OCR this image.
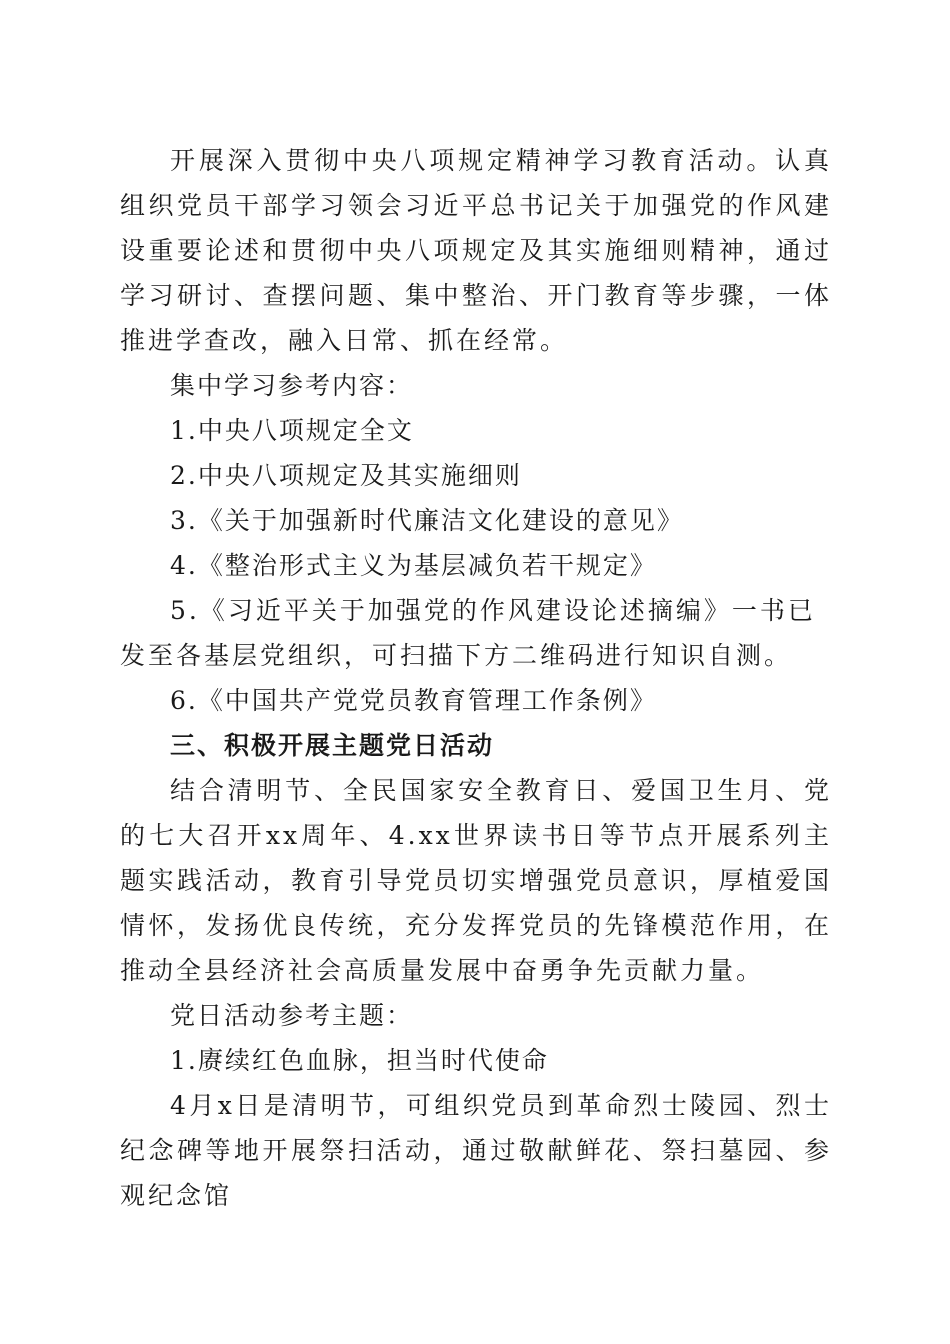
开展深入贯彻中央八项规定精神学习教育活动。认真组织党员干部学习领会习近平总书记关于加强党的作风建设重要论述和贯彻中央八项规定及其实施细则精神，通过学习研讨、查摆问题、集中整治、开门教育等步骤，一体推进学查改，融入日常、抓在经常。

集中学习参考内容：

1.中央八项规定全文

2.中央八项规定及其实施细则

3.《关于加强新时代廉洁文化建设的意见》

4.《整治形式主义为基层减负若干规定》

5.《习近平关于加强党的作风建设论述摘编》一书已发至各基层党组织，可扫描下方二维码进行知识自测。

6.《中国共产党党员教育管理工作条例》

三、积极开展主题党日活动

结合清明节、全民国家安全教育日、爱国卫生月、党的七大召开xx周年、4.xx世界读书日等节点开展系列主题实践活动，教育引导党员切实增强党员意识，厚植爱国情怀，发扬优良传统，充分发挥党员的先锋模范作用，在推动全县经济社会高质量发展中奋勇争先贡献力量。

党日活动参考主题：

1.赓续红色血脉，担当时代使命

4月x日是清明节，可组织党员到革命烈士陵园、烈士纪念碑等地开展祭扫活动，通过敬献鲜花、祭扫墓园、参观纪念馆
